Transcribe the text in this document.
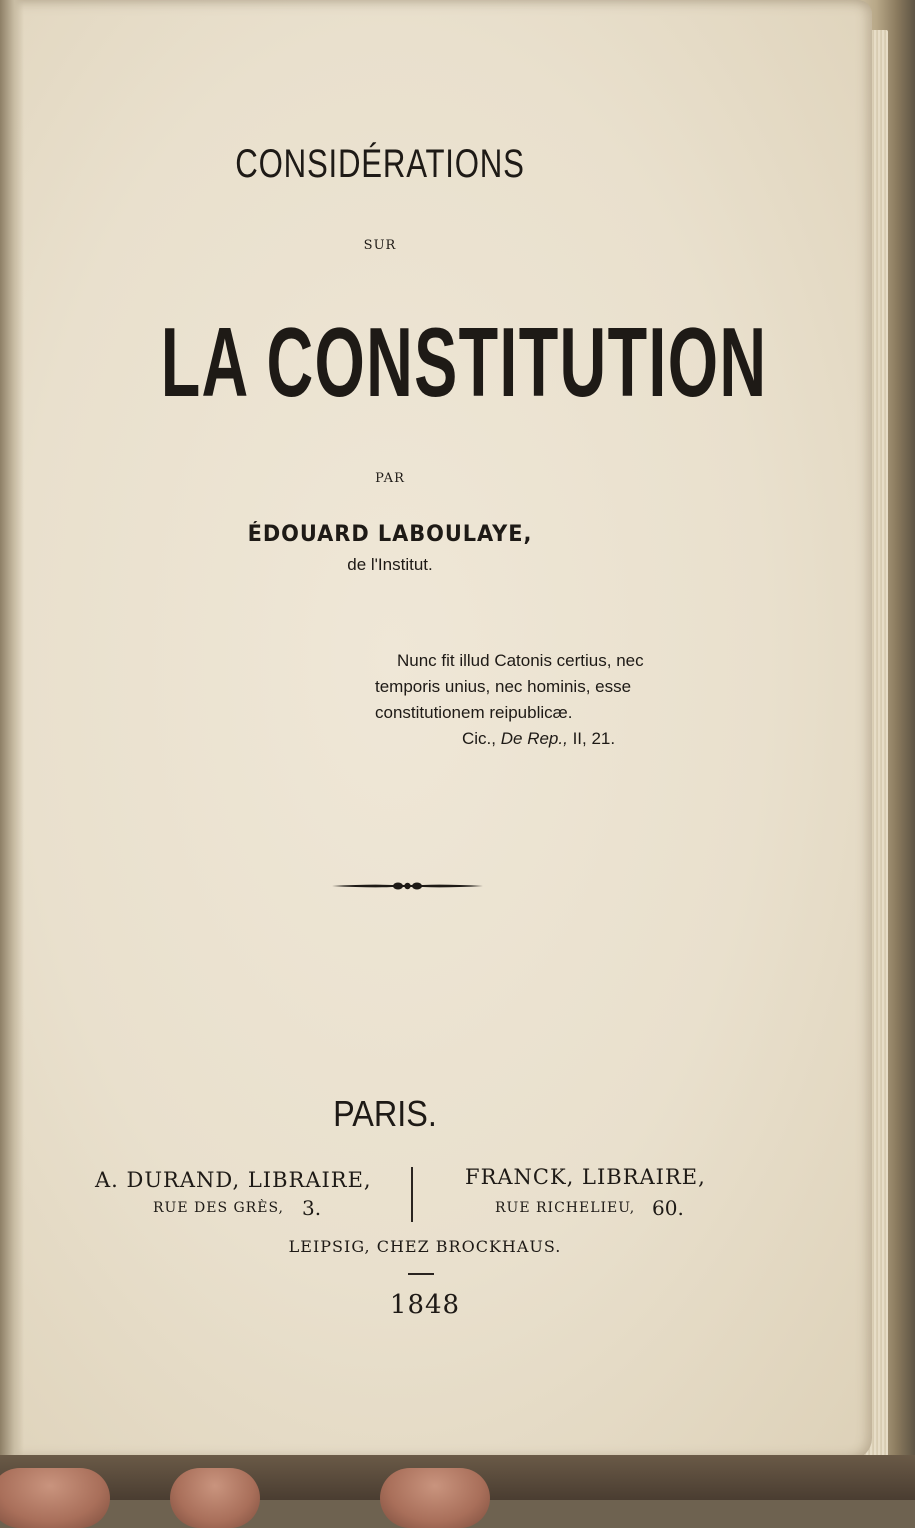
CONSIDÉRATIONS
SUR
LA CONSTITUTION
PAR
ÉDOUARD LABOULAYE,
de l'Institut.
Nunc fit illud Catonis certius, nec
temporis unius, nec hominis, esse
constitutionem reipublicæ.
Cic., De Rep., II, 21.
PARIS.
A. DURAND, LIBRAIRE,
RUE DES GRÈS, 3.
FRANCK, LIBRAIRE,
RUE RICHELIEU, 60.
LEIPSIG, CHEZ BROCKHAUS.
1848
